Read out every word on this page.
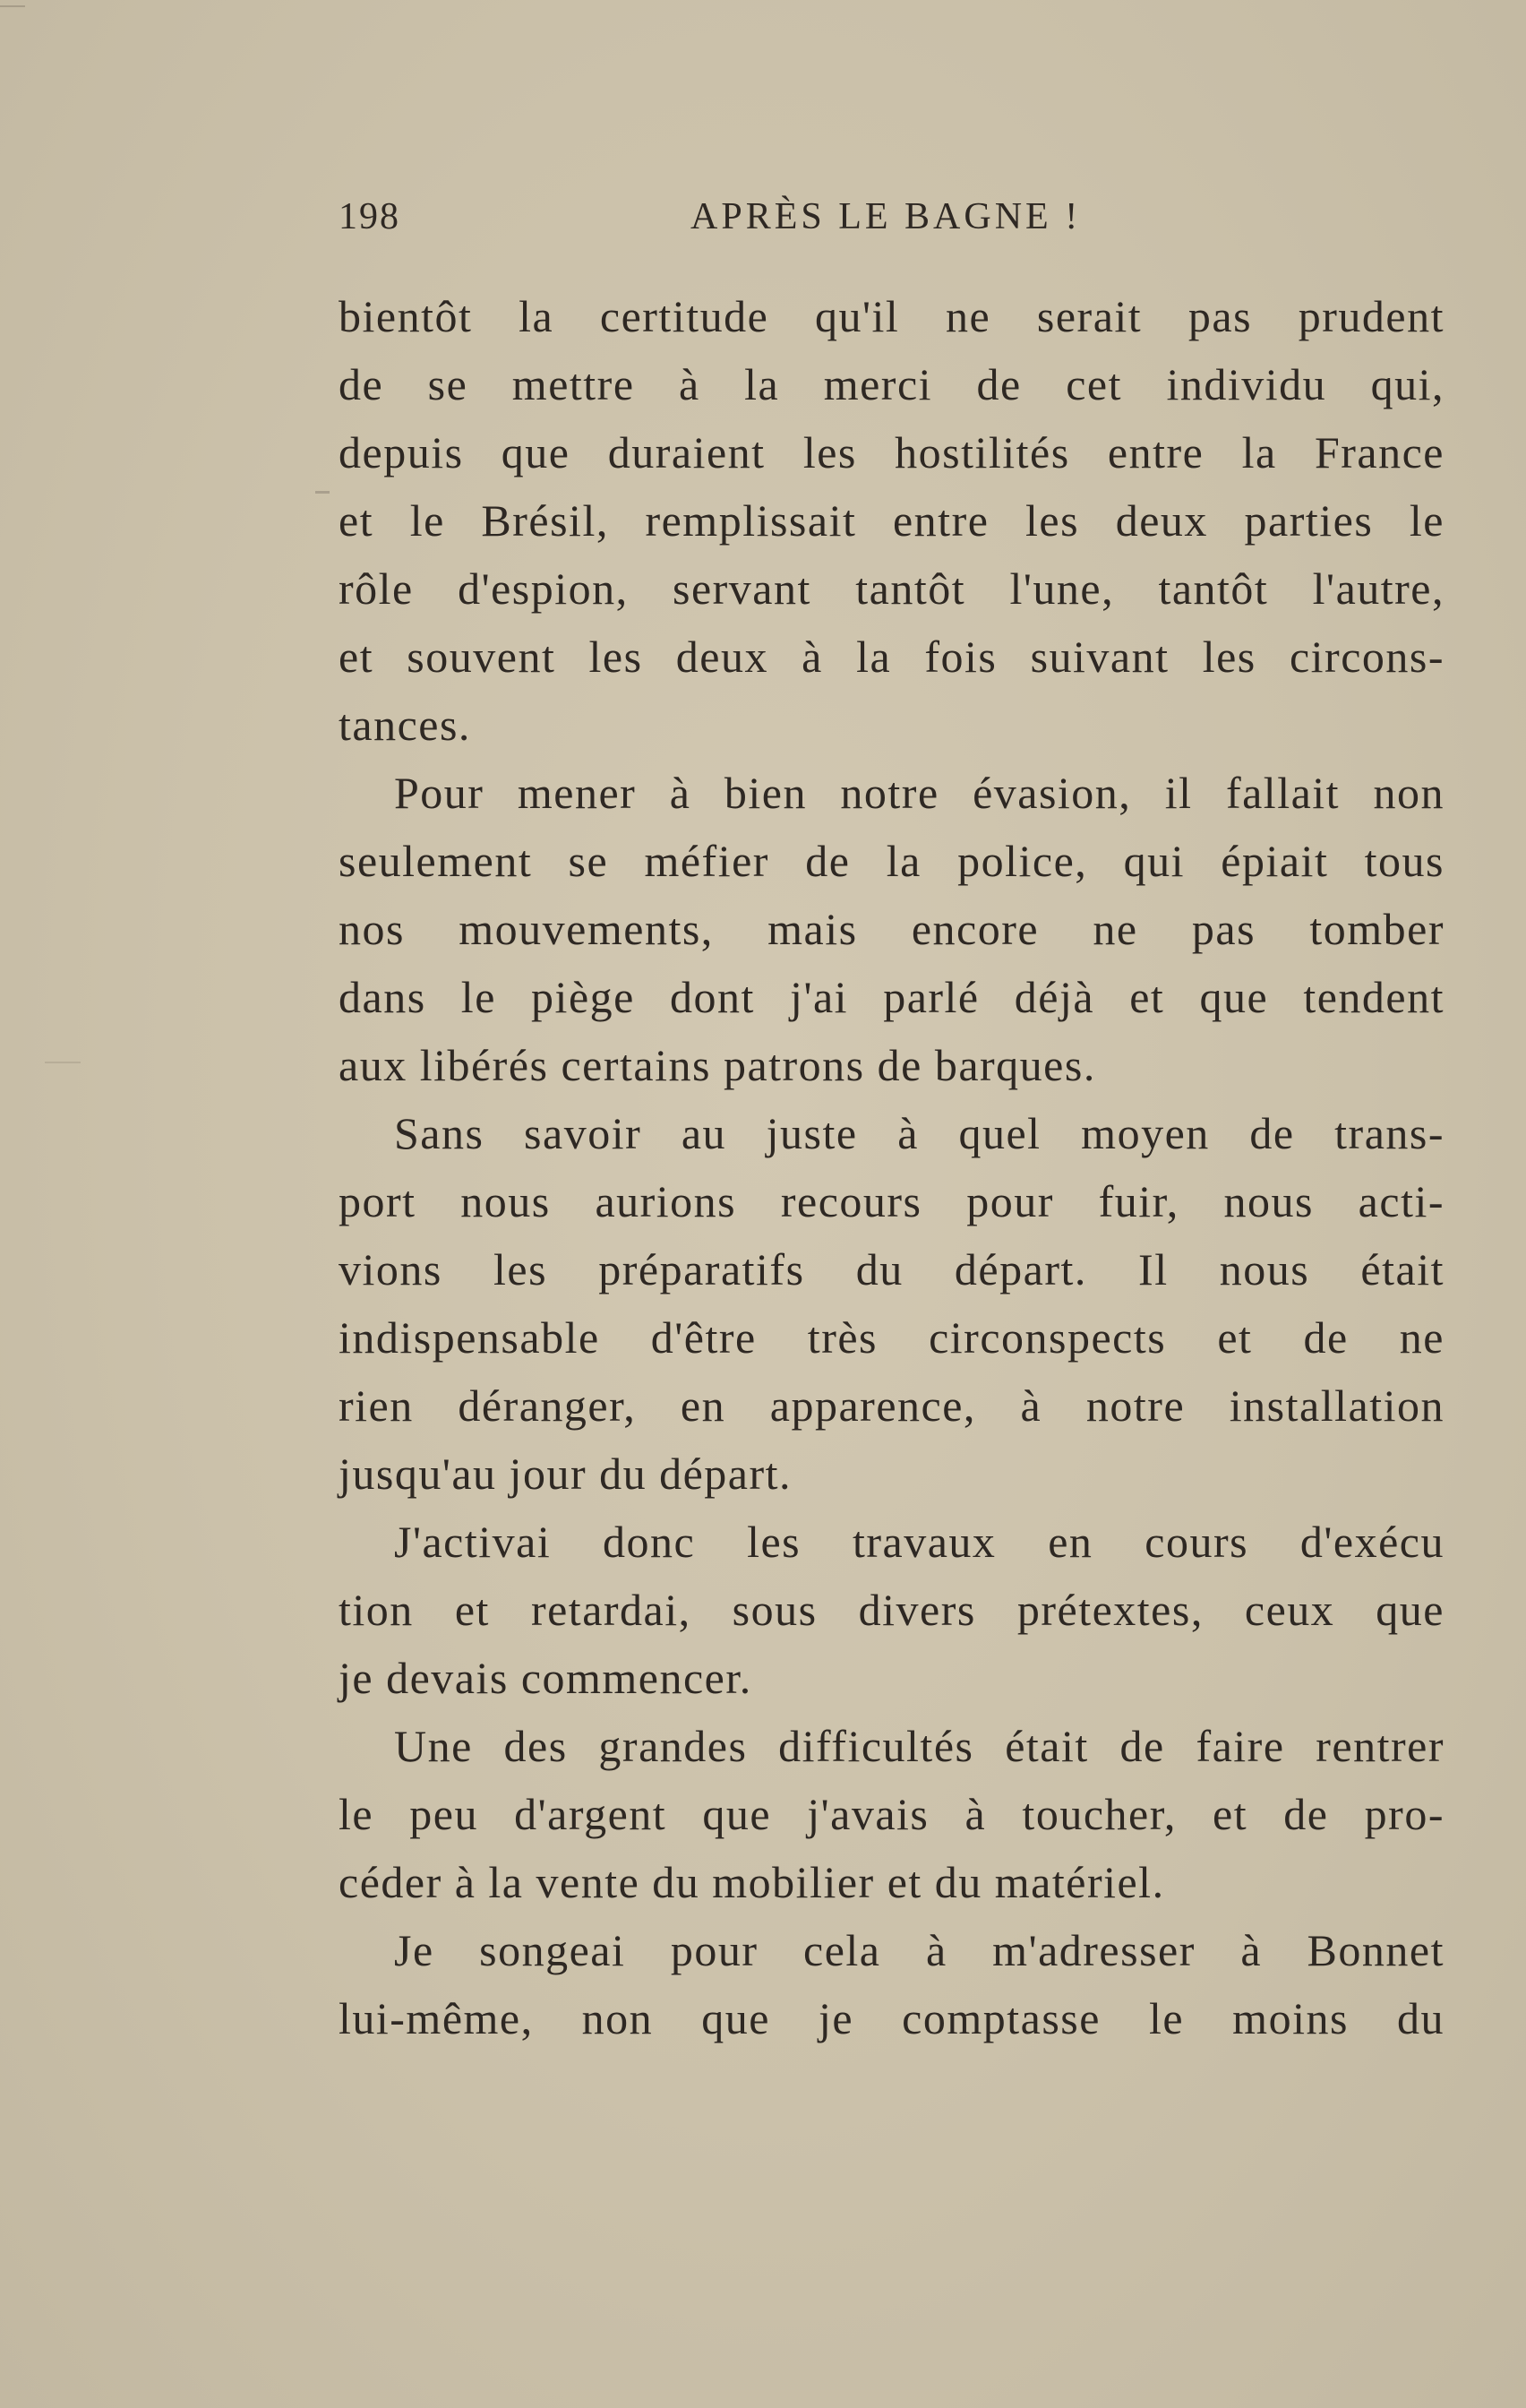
198	APRÈS LE BAGNE !
bientôt la certitude qu'il ne serait pas prudent
de se mettre à la merci de cet individu qui,
depuis que duraient les hostilités entre la France
et le Brésil, remplissait entre les deux parties le
rôle d'espion, servant tantôt l'une, tantôt l'autre,
et souvent les deux à la fois suivant les circons-
tances.
Pour mener à bien notre évasion, il fallait non
seulement se méfier de la police, qui épiait tous
nos mouvements, mais encore ne pas tomber
dans le piège dont j'ai parlé déjà et que tendent
aux libérés certains patrons de barques.
Sans savoir au juste à quel moyen de trans-
port nous aurions recours pour fuir, nous acti-
vions les préparatifs du départ. Il nous était
indispensable d'être très circonspects et de ne
rien déranger, en apparence, à notre installation
jusqu'au jour du départ.
J'activai donc les travaux en cours d'exécu
tion et retardai, sous divers prétextes, ceux que
je devais commencer.
Une des grandes difficultés était de faire rentrer
le peu d'argent que j'avais à toucher, et de pro-
céder à la vente du mobilier et du matériel.
Je songeai pour cela à m'adresser à Bonnet
lui-même, non que je comptasse le moins du
